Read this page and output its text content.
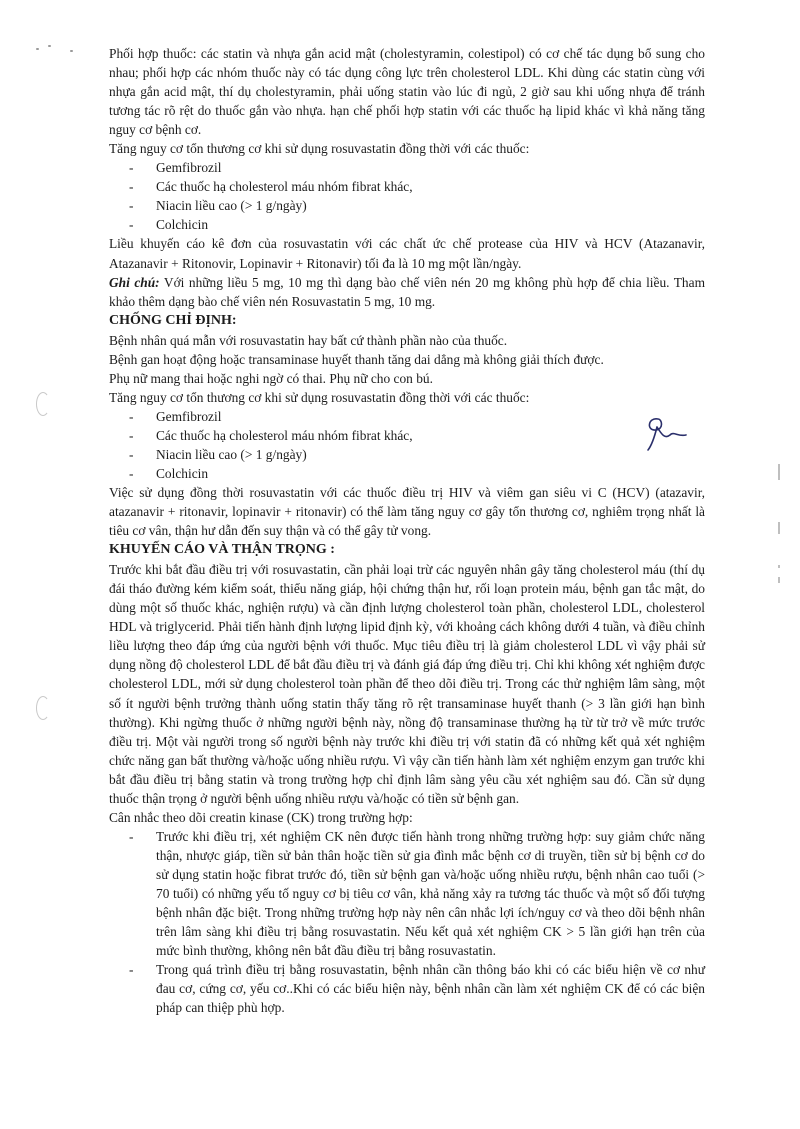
Phối hợp thuốc: các statin và nhựa gắn acid mật (cholestyramin, colestipol) có cơ chế tác dụng bổ sung cho nhau; phối hợp các nhóm thuốc này có tác dụng công lực trên cholesterol LDL. Khi dùng các statin cùng với nhựa gắn acid mật, thí dụ cholestyramin, phải uống statin vào lúc đi ngủ, 2 giờ sau khi uống nhựa để tránh tương tác rõ rệt do thuốc gắn vào nhựa. hạn chế phối hợp statin với các thuốc hạ lipid khác vì khả năng tăng nguy cơ bệnh cơ.

Tăng nguy cơ tổn thương cơ khi sử dụng rosuvastatin đồng thời với các thuốc:

- Gemfibrozil
- Các thuốc hạ cholesterol máu nhóm fibrat khác,
- Niacin liều cao (> 1 g/ngày)
- Colchicin

Liều khuyến cáo kê đơn của rosuvastatin với các chất ức chế protease của HIV và HCV (Atazanavir, Atazanavir + Ritonovir, Lopinavir + Ritonavir) tối đa là 10 mg một lần/ngày.

Ghi chú: Với những liều 5 mg, 10 mg thì dạng bào chế viên nén 20 mg không phù hợp để chia liều. Tham khảo thêm dạng bào chế viên nén Rosuvastatin 5 mg, 10 mg.

CHỐNG CHỈ ĐỊNH:

Bệnh nhân quá mẫn với rosuvastatin hay bất cứ thành phần nào của thuốc.

Bệnh gan hoạt động hoặc transaminase huyết thanh tăng dai dẳng mà không giải thích được.

Phụ nữ mang thai hoặc nghi ngờ có thai. Phụ nữ cho con bú.

Tăng nguy cơ tổn thương cơ khi sử dụng rosuvastatin đồng thời với các thuốc:

- Gemfibrozil
- Các thuốc hạ cholesterol máu nhóm fibrat khác,
- Niacin liều cao (> 1 g/ngày)
- Colchicin

Việc sử dụng đồng thời rosuvastatin với các thuốc điều trị HIV và viêm gan siêu vi C (HCV) (atazavir, atazanavir + ritonavir, lopinavir + ritonavir) có thể làm tăng nguy cơ gây tổn thương cơ, nghiêm trọng nhất là tiêu cơ vân, thận hư dẫn đến suy thận và có thể gây tử vong.

KHUYẾN CÁO VÀ THẬN TRỌNG :

Trước khi bắt đầu điều trị với rosuvastatin, cần phải loại trừ các nguyên nhân gây tăng cholesterol máu (thí dụ đái tháo đường kém kiểm soát, thiểu năng giáp, hội chứng thận hư, rối loạn protein máu, bệnh gan tắc mật, do dùng một số thuốc khác, nghiện rượu) và cần định lượng cholesterol toàn phần, cholesterol LDL, cholesterol HDL và triglycerid. Phải tiến hành định lượng lipid định kỳ, với khoảng cách không dưới 4 tuần, và điều chỉnh liều lượng theo đáp ứng của người bệnh với thuốc. Mục tiêu điều trị là giảm cholesterol LDL vì vậy phải sử dụng nồng độ cholesterol LDL để bắt đầu điều trị và đánh giá đáp ứng điều trị. Chỉ khi không xét nghiệm được cholesterol LDL, mới sử dụng cholesterol toàn phần để theo dõi điều trị. Trong các thử nghiệm lâm sàng, một số ít người bệnh trưởng thành uống statin thấy tăng rõ rệt transaminase huyết thanh (> 3 lần giới hạn bình thường). Khi ngừng thuốc ở những người bệnh này, nồng độ transaminase thường hạ từ từ trở về mức trước điều trị. Một vài người trong số người bệnh này trước khi điều trị với statin đã có những kết quả xét nghiệm chức năng gan bất thường và/hoặc uống nhiều rượu. Vì vậy cần tiến hành làm xét nghiệm enzym gan trước khi bắt đầu điều trị bằng statin và trong trường hợp chỉ định lâm sàng yêu cầu xét nghiệm sau đó. Cần sử dụng thuốc thận trọng ở người bệnh uống nhiều rượu và/hoặc có tiền sử bệnh gan.

Cân nhắc theo dõi creatin kinase (CK) trong trường hợp:

- Trước khi điều trị, xét nghiệm CK nên được tiến hành trong những trường hợp: suy giảm chức năng thận, nhược giáp, tiền sử bản thân hoặc tiền sử gia đình mắc bệnh cơ di truyền, tiền sử bị bệnh cơ do sử dụng statin hoặc fibrat trước đó, tiền sử bệnh gan và/hoặc uống nhiều rượu, bệnh nhân cao tuổi (> 70 tuổi) có những yếu tố nguy cơ bị tiêu cơ vân, khả năng xảy ra tương tác thuốc và một số đối tượng bệnh nhân đặc biệt. Trong những trường hợp này nên cân nhắc lợi ích/nguy cơ và theo dõi bệnh nhân trên lâm sàng khi điều trị bằng rosuvastatin. Nếu kết quả xét nghiệm CK > 5 lần giới hạn trên của mức bình thường, không nên bắt đầu điều trị bằng rosuvastatin.
- Trong quá trình điều trị bằng rosuvastatin, bệnh nhân cần thông báo khi có các biểu hiện về cơ như đau cơ, cứng cơ, yếu cơ..Khi có các biểu hiện này, bệnh nhân cần làm xét nghiệm CK để có các biện pháp can thiệp phù hợp.
